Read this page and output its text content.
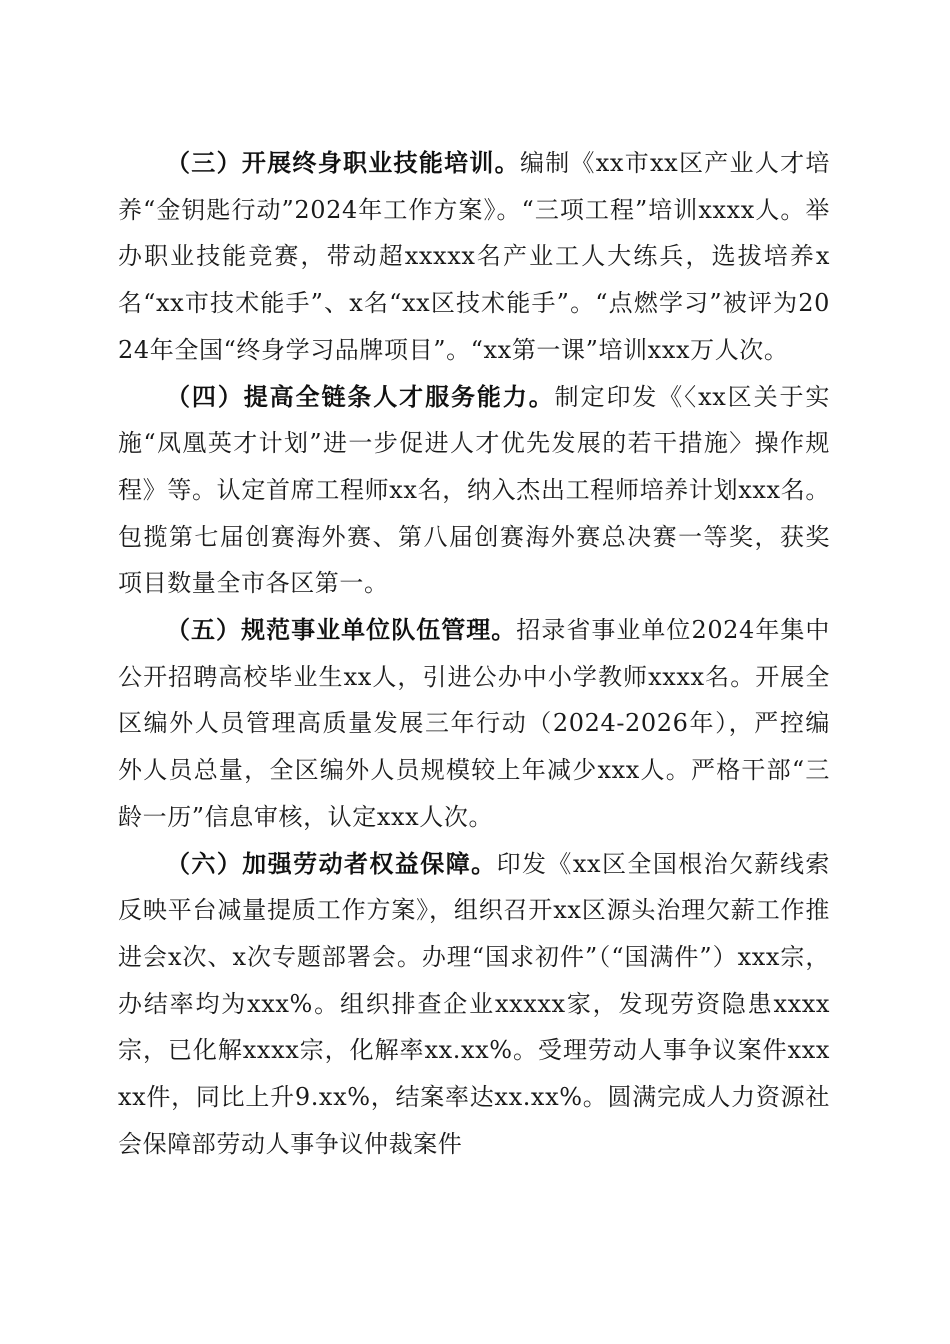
（三）开展终身职业技能培训。编制《xx市xx区产业人才培养“金钥匙行动”2024年工作方案》。“三项工程”培训xxxx人。举办职业技能竞赛，带动超xxxxx名产业工人大练兵，选拔培养x名“xx市技术能手”、x名“xx区技术能手”。“点燃学习”被评为2024年全国“终身学习品牌项目”。“xx第一课”培训xxx万人次。

（四）提高全链条人才服务能力。制定印发《〈xx区关于实施“凤凰英才计划”进一步促进人才优先发展的若干措施〉操作规程》等。认定首席工程师xx名，纳入杰出工程师培养计划xxx名。包揽第七届创赛海外赛、第八届创赛海外赛总决赛一等奖，获奖项目数量全市各区第一。

（五）规范事业单位队伍管理。招录省事业单位2024年集中公开招聘高校毕业生xx人，引进公办中小学教师xxxx名。开展全区编外人员管理高质量发展三年行动（2024-2026年），严控编外人员总量，全区编外人员规模较上年减少xxx人。严格干部“三龄一历”信息审核，认定xxx人次。

（六）加强劳动者权益保障。印发《xx区全国根治欠薪线索反映平台减量提质工作方案》，组织召开xx区源头治理欠薪工作推进会x次、x次专题部署会。办理“国求初件”（“国满件”）xxx宗，办结率均为xxx%。组织排查企业xxxxx家，发现劳资隐患xxxx宗，已化解xxxx宗，化解率xx.xx%。受理劳动人事争议案件xxxxx件，同比上升9.xx%，结案率达xx.xx%。圆满完成人力资源社会保障部劳动人事争议仲裁案件
